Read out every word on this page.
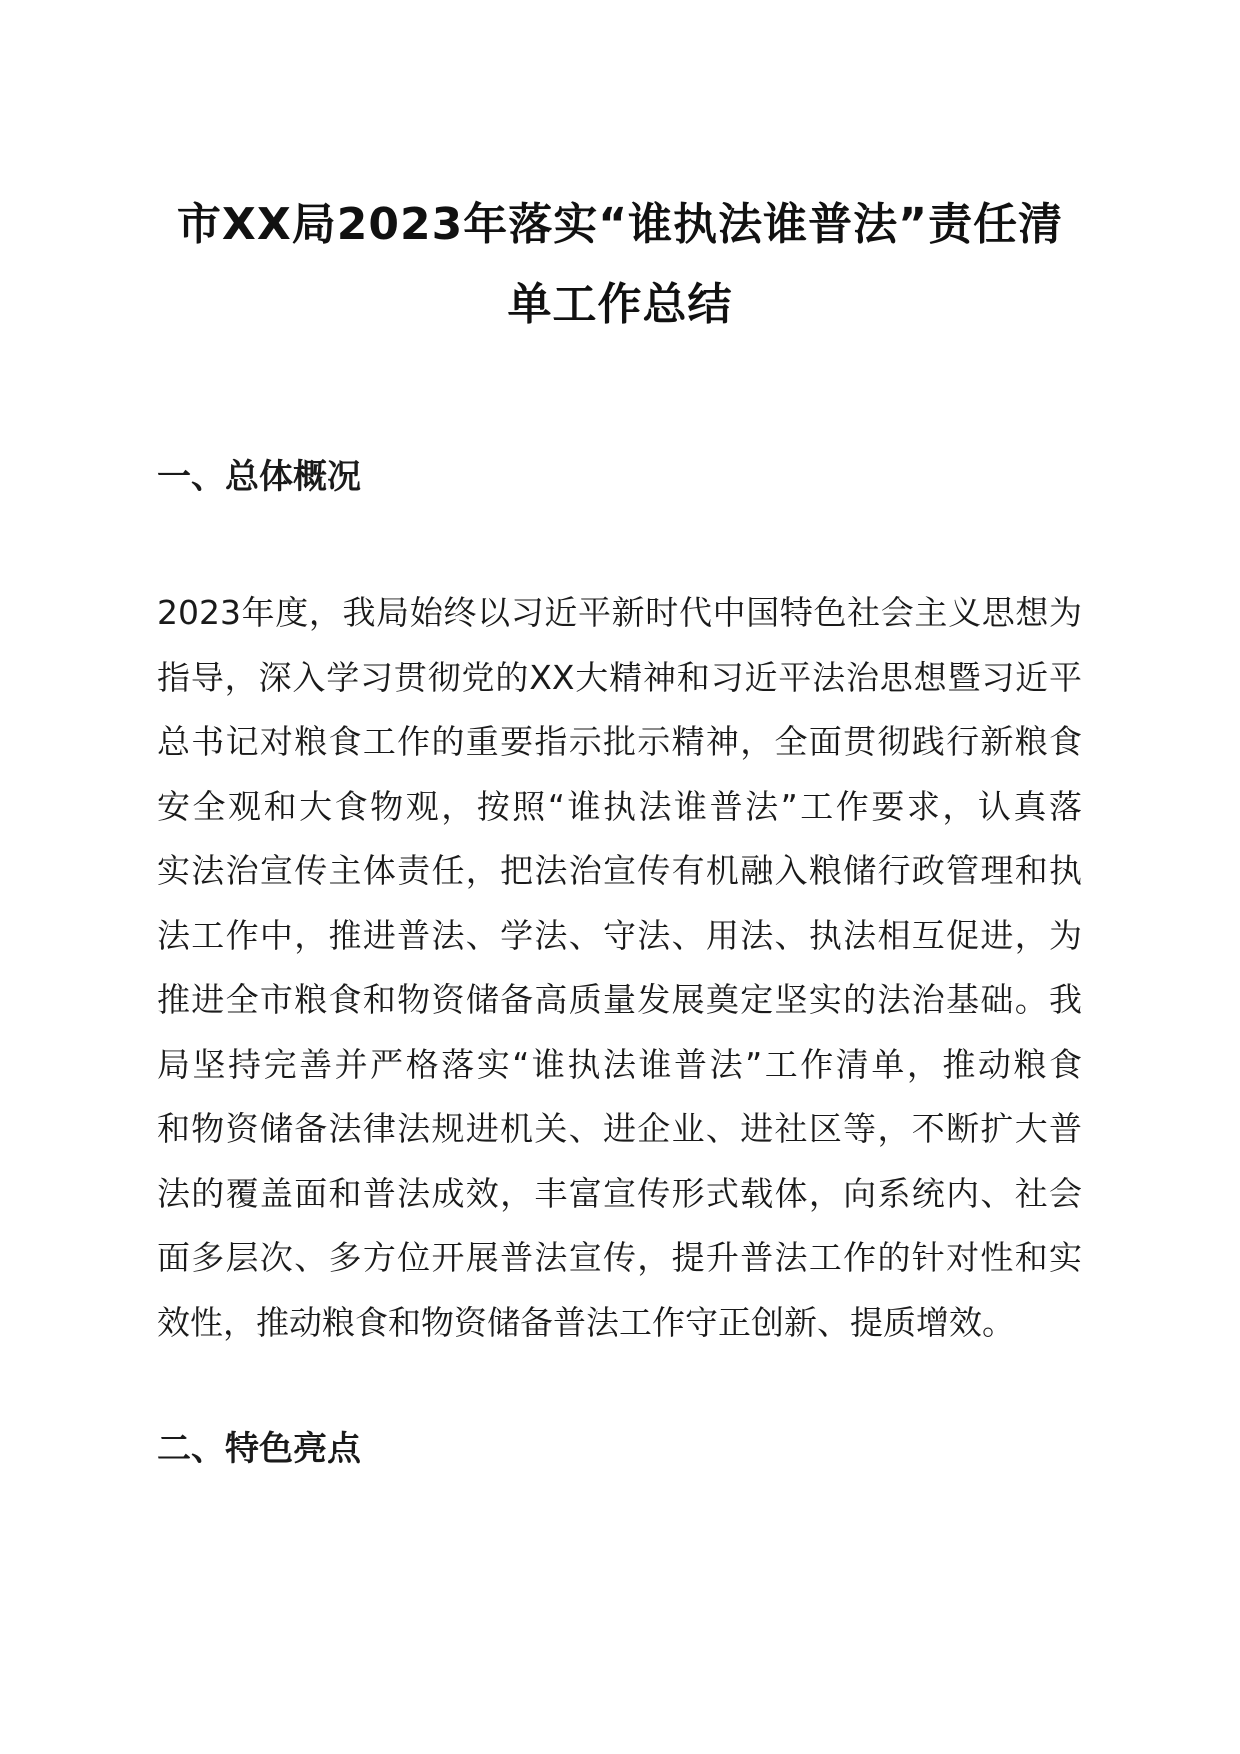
市XX局2023年落实“谁执法谁普法”责任清
单工作总结
一、总体概况
2023年度，我局始终以习近平新时代中国特色社会主义思想为
指导，深入学习贯彻党的XX大精神和习近平法治思想暨习近平
总书记对粮食工作的重要指示批示精神，全面贯彻践行新粮食
安全观和大食物观，按照“谁执法谁普法”工作要求，认真落
实法治宣传主体责任，把法治宣传有机融入粮储行政管理和执
法工作中，推进普法、学法、守法、用法、执法相互促进，为
推进全市粮食和物资储备高质量发展奠定坚实的法治基础。我
局坚持完善并严格落实“谁执法谁普法”工作清单，推动粮食
和物资储备法律法规进机关、进企业、进社区等，不断扩大普
法的覆盖面和普法成效，丰富宣传形式载体，向系统内、社会
面多层次、多方位开展普法宣传，提升普法工作的针对性和实
效性，推动粮食和物资储备普法工作守正创新、提质增效。
二、特色亮点
